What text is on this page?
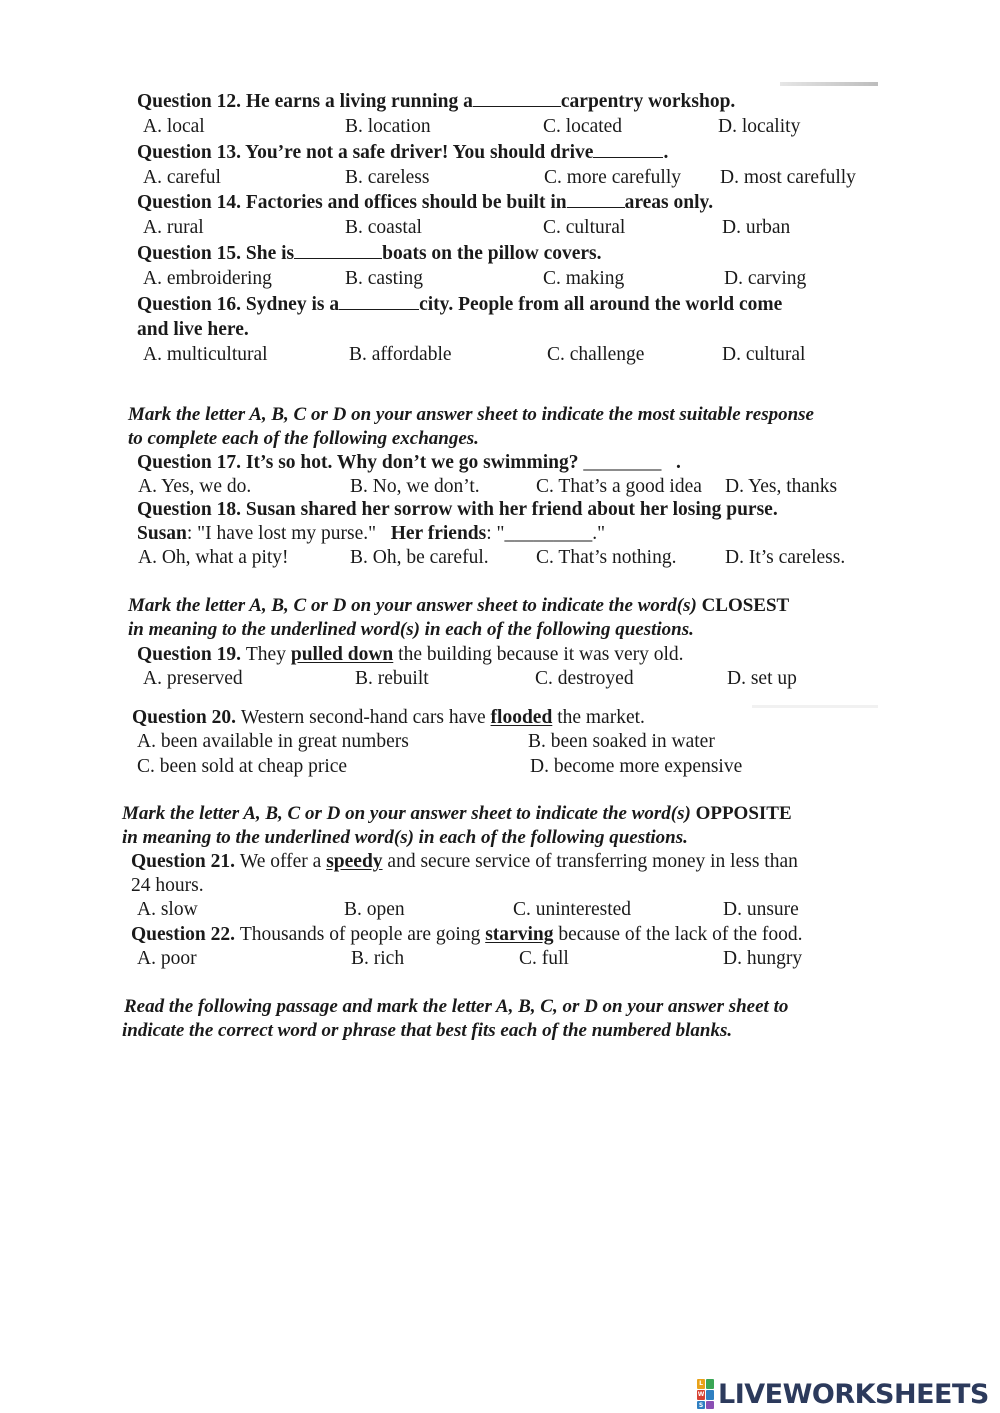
Question 12. He earns a living running a	carpentry workshop.
A. local	B. location	C. located	D. locality
Question 13. You’re not a safe driver! You should drive	.
A. careful	B. careless	C. more carefully D. most carefully
Question 14. Factories and offices should be built in	areas only.
A. rural	B. coastal	C. cultural	D. urban
Question 15. She is	boats on the pillow covers.
A. embroidering	B. casting	C. making	D. carving
Question 16. Sydney is a	city. People from all around the world come
and live here.
A. multicultural	B. affordable	C. challenge	D. cultural
Mark the letter A, B, C or D on your answer sheet to indicate the most suitable response
to complete each of the following exchanges.
Question 17. It’s so hot. Why don’t we go swimming? ________ .
A. Yes, we do.	B. No, we don’t.	C. That’s a good idea D. Yes, thanks
Question 18. Susan shared her sorrow with her friend about her losing purse.
Susan: "I have lost my purse." Her friends: "_________."
A. Oh, what a pity!	B. Oh, be careful. C. That’s nothing. D. It’s careless.
Mark the letter A, B, C or D on your answer sheet to indicate the word(s) CLOSEST
in meaning to the underlined word(s) in each of the following questions.
Question 19. They pulled down the building because it was very old.
A. preserved	B. rebuilt	C. destroyed	D. set up
Question 20. Western second-hand cars have flooded the market.
A. been available in great numbers	B. been soaked in water
C. been sold at cheap price	D. become more expensive
Mark the letter A, B, C or D on your answer sheet to indicate the word(s) OPPOSITE
in meaning to the underlined word(s) in each of the following questions.
Question 21. We offer a speedy and secure service of transferring money in less than
24 hours.
A. slow	B. open	C. uninterested	D. unsure
Question 22. Thousands of people are going starving because of the lack of the food.
A. poor	B. rich	C. full	D. hungry
Read the following passage and mark the letter A, B, C, or D on your answer sheet to
indicate the correct word or phrase that best fits each of the numbered blanks.
L
W
S LIVEWORKSHEETS
